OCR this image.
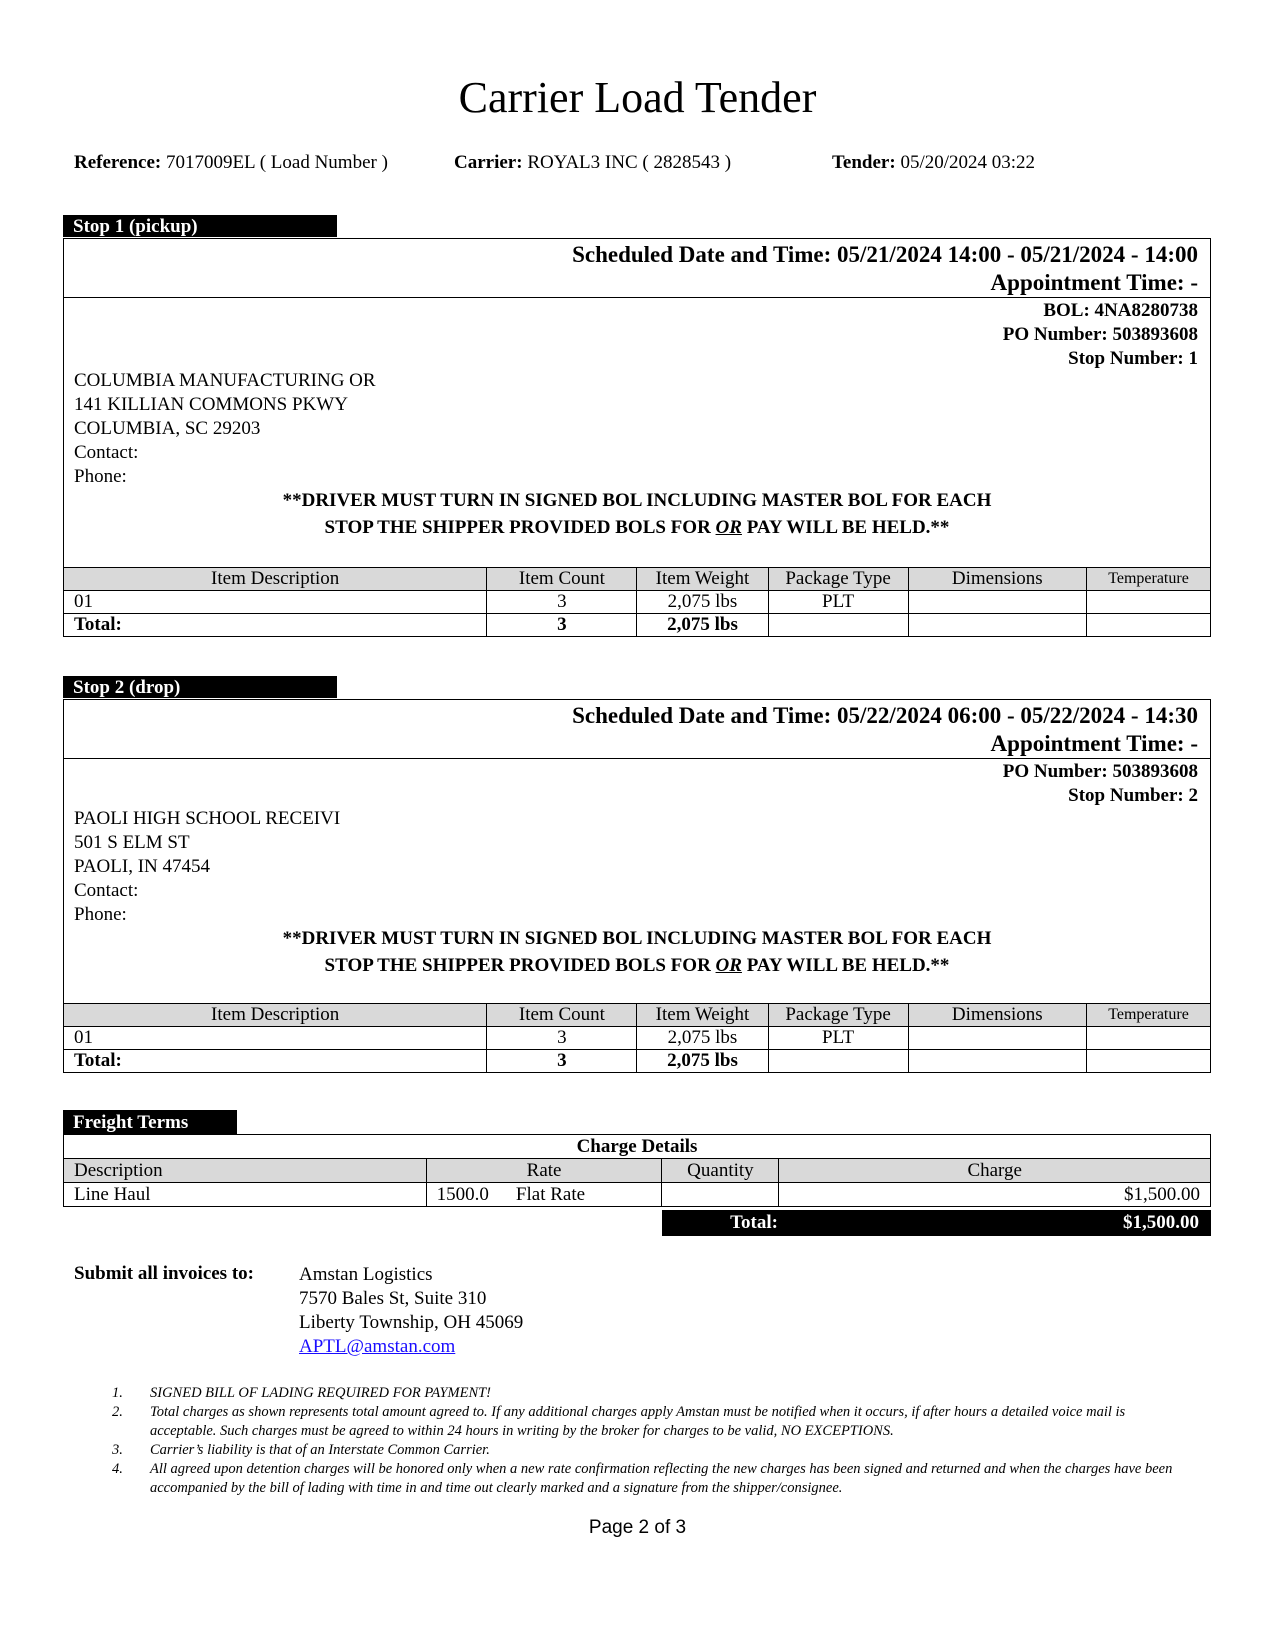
Carrier Load Tender
Reference: 7017009EL ( Load Number )	Carrier: ROYAL3 INC ( 2828543 )	Tender: 05/20/2024 03:22
Stop 1 (pickup)
Scheduled Date and Time: 05/21/2024 14:00 - 05/21/2024 - 14:00
Appointment Time: -
BOL: 4NA8280738
PO Number: 503893608
Stop Number: 1
COLUMBIA MANUFACTURING OR
141 KILLIAN COMMONS PKWY
COLUMBIA, SC 29203
Contact:
Phone:
**DRIVER MUST TURN IN SIGNED BOL INCLUDING MASTER BOL FOR EACH
STOP THE SHIPPER PROVIDED BOLS FOR OR PAY WILL BE HELD.**
Item Description	Item Count	Item Weight	Package Type	Dimensions	Temperature
01	3	2,075 lbs	PLT		
Total:	3	2,075 lbs			
Stop 2 (drop)
Scheduled Date and Time: 05/22/2024 06:00 - 05/22/2024 - 14:30
Appointment Time: -
PO Number: 503893608
Stop Number: 2
PAOLI HIGH SCHOOL RECEIVI
501 S ELM ST
PAOLI, IN 47454
Contact:
Phone:
**DRIVER MUST TURN IN SIGNED BOL INCLUDING MASTER BOL FOR EACH
STOP THE SHIPPER PROVIDED BOLS FOR OR PAY WILL BE HELD.**
Item Description	Item Count	Item Weight	Package Type	Dimensions	Temperature
01	3	2,075 lbs	PLT		
Total:	3	2,075 lbs			
Freight Terms
Charge Details			
Description	Rate	Quantity	Charge
Line Haul	1500.0 Flat Rate		$1,500.00
Total:	$1,500.00
Submit all invoices to: Amstan Logistics
7570 Bales St, Suite 310
Liberty Township, OH 45069
APTL@amstan.com
1. SIGNED BILL OF LADING REQUIRED FOR PAYMENT!
2. Total charges as shown represents total amount agreed to. If any additional charges apply Amstan must be notified when it occurs, if after hours a detailed voice mail is acceptable. Such charges must be agreed to within 24 hours in writing by the broker for charges to be valid, NO EXCEPTIONS.
3. Carrier’s liability is that of an Interstate Common Carrier.
4. All agreed upon detention charges will be honored only when a new rate confirmation reflecting the new charges has been signed and returned and when the charges have been accompanied by the bill of lading with time in and time out clearly marked and a signature from the shipper/consignee.
Page 2 of 3
